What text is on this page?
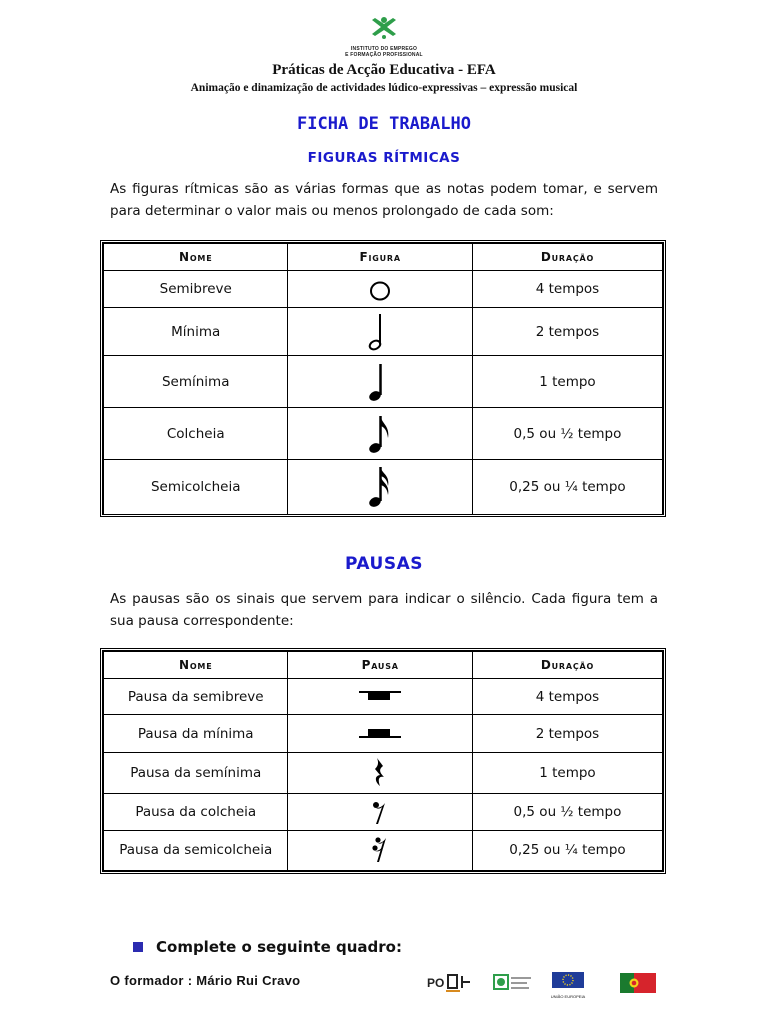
INSTITUTO DO EMPREGO
E FORMAÇÃO PROFISSIONAL
Práticas de Acção Educativa - EFA
Animação e dinamização de actividades lúdico-expressivas – expressão musical
FICHA DE TRABALHO
FIGURAS RÍTMICAS
As figuras rítmicas são as várias formas que as notas podem tomar, e servem para determinar o valor mais ou menos prolongado de cada som:
Nome	Figura	Duração
Semibreve		4 tempos
Mínima		2 tempos
Semínima		1 tempo
Colcheia		0,5 ou ½ tempo
Semicolcheia		0,25 ou ¼ tempo
PAUSAS
As pausas são os sinais que servem para indicar o silêncio. Cada figura tem a sua pausa correspondente:
Nome	Pausa	Duração
Pausa da semibreve		4 tempos
Pausa da mínima		2 tempos
Pausa da semínima		1 tempo
Pausa da colcheia		0,5 ou ½ tempo
Pausa da semicolcheia		0,25 ou ¼ tempo
Complete o seguinte quadro:
O formador : Mário Rui Cravo	PO
UNIÃO EUROPEIA
